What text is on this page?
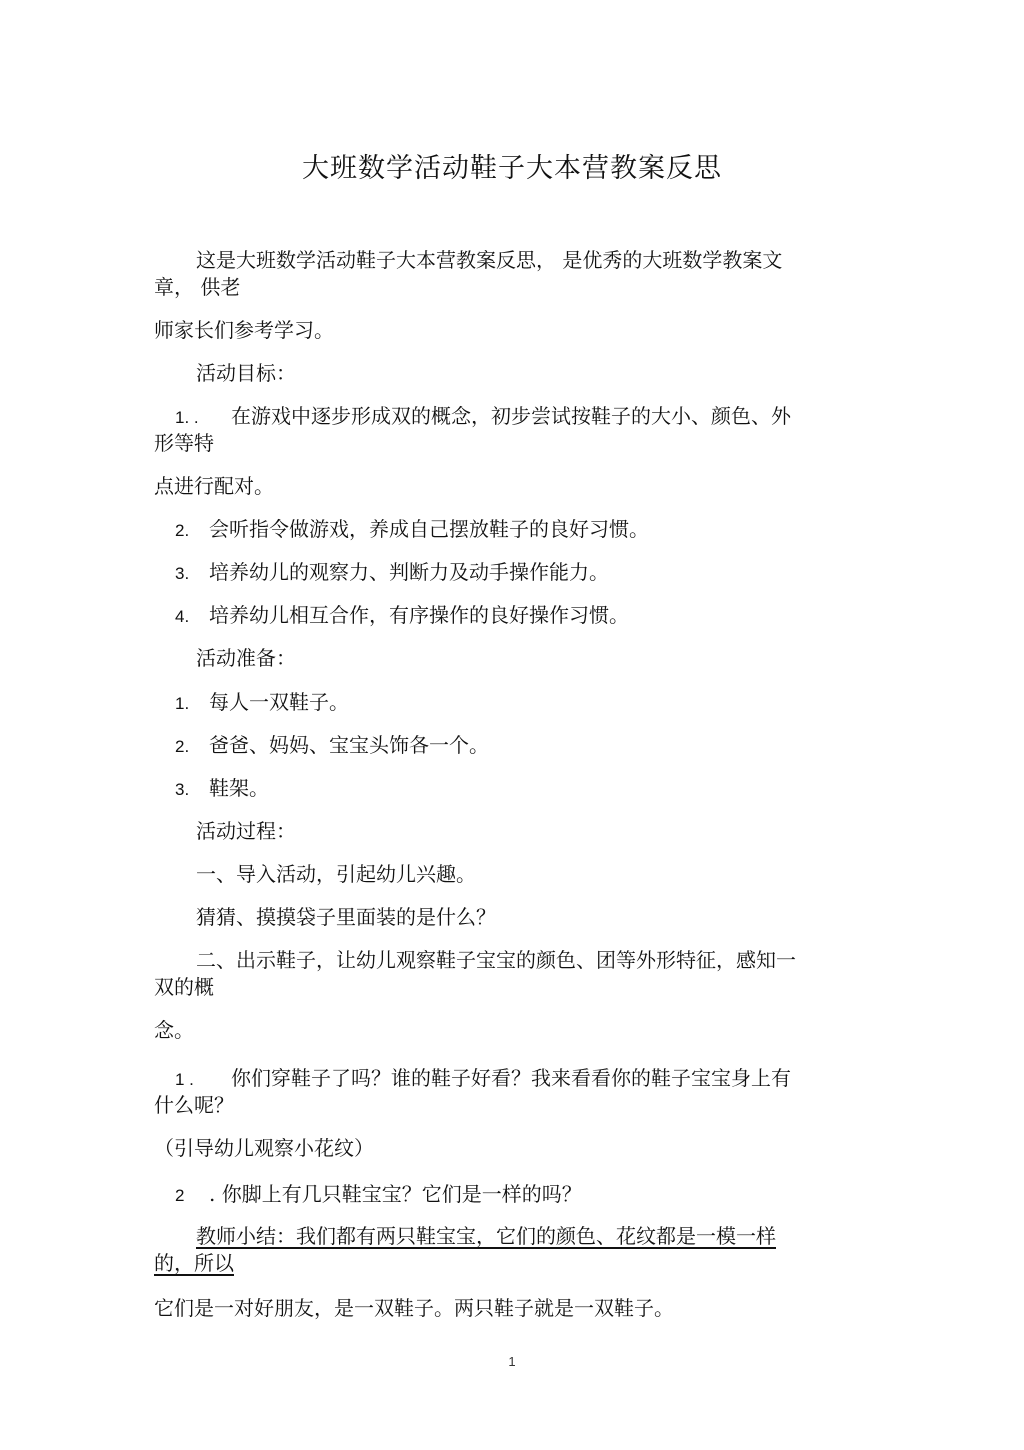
大班数学活动鞋子大本营教案反思
这是大班数学活动鞋子大本营教案反思， 是优秀的大班数学教案文
章， 供老
师家长们参考学习。
活动目标：
1. . 在游戏中逐步形成双的概念，初步尝试按鞋子的大小、颜色、外
形等特
点进行配对。
2. 会听指令做游戏，养成自己摆放鞋子的良好习惯。
3. 培养幼儿的观察力、判断力及动手操作能力。
4. 培养幼儿相互合作，有序操作的良好操作习惯。
活动准备：
1. 每人一双鞋子。
2. 爸爸、妈妈、宝宝头饰各一个。
3. 鞋架。
活动过程：
一、导入活动，引起幼儿兴趣。
猜猜、摸摸袋子里面装的是什么？
二、出示鞋子，让幼儿观察鞋子宝宝的颜色、团等外形特征，感知一
双的概
念。
1 . 你们穿鞋子了吗？谁的鞋子好看？我来看看你的鞋子宝宝身上有
什么呢？
（引导幼儿观察小花纹）
2 . 你脚上有几只鞋宝宝？它们是一样的吗？
教师小结：我们都有两只鞋宝宝，它们的颜色、花纹都是一模一样
的，所以
它们是一对好朋友，是一双鞋子。两只鞋子就是一双鞋子。
1
